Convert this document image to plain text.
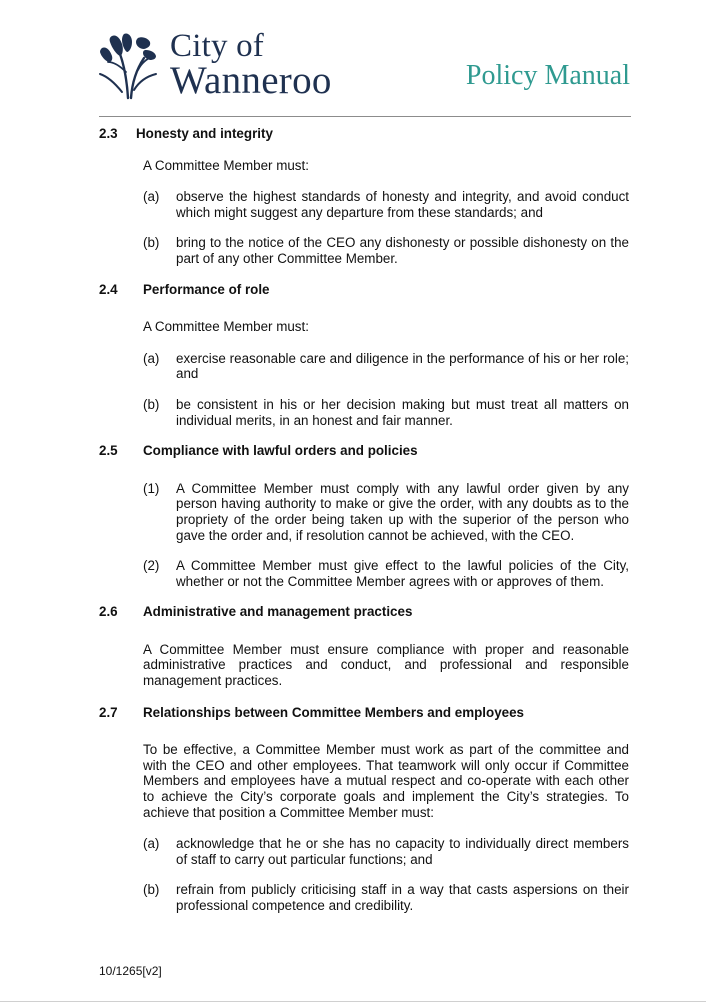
City of
Wanneroo	Policy Manual
2.3	Honesty and integrity
A Committee Member must:
(a)	observe the highest standards of honesty and integrity, and avoid conduct which might suggest any departure from these standards; and
(b)	bring to the notice of the CEO any dishonesty or possible dishonesty on the part of any other Committee Member.
2.4	Performance of role
A Committee Member must:
(a)	exercise reasonable care and diligence in the performance of his or her role; and
(b)	be consistent in his or her decision making but must treat all matters on individual merits, in an honest and fair manner.
2.5	Compliance with lawful orders and policies
(1)	A Committee Member must comply with any lawful order given by any person having authority to make or give the order, with any doubts as to the propriety of the order being taken up with the superior of the person who gave the order and, if resolution cannot be achieved, with the CEO.
(2)	A Committee Member must give effect to the lawful policies of the City, whether or not the Committee Member agrees with or approves of them.
2.6	Administrative and management practices
A Committee Member must ensure compliance with proper and reasonable administrative practices and conduct, and professional and responsible management practices.
2.7	Relationships between Committee Members and employees
To be effective, a Committee Member must work as part of the committee and with the CEO and other employees. That teamwork will only occur if Committee Members and employees have a mutual respect and co-operate with each other to achieve the City’s corporate goals and implement the City’s strategies. To achieve that position a Committee Member must:
(a)	acknowledge that he or she has no capacity to individually direct members of staff to carry out particular functions; and
(b)	refrain from publicly criticising staff in a way that casts aspersions on their professional competence and credibility.
10/1265[v2]
